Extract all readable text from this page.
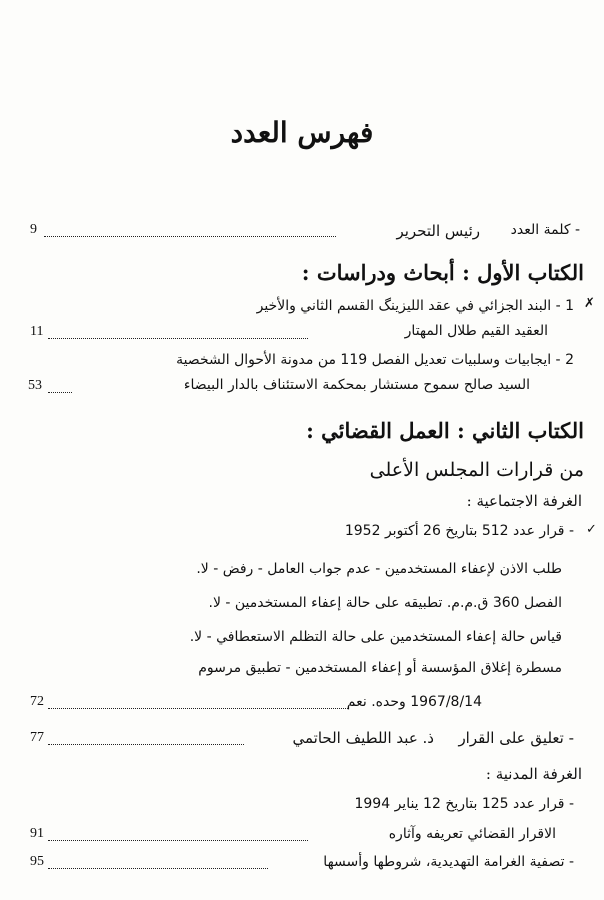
فهرس العدد
- كلمة العدد
رئيس التحرير
9
الكتاب الأول : أبحاث ودراسات :
✗
1 - البند الجزائي في عقد الليزينگ القسم الثاني والأخير
العقيد القيم طلال المهتار
11
2 - ايجابيات وسلبيات تعديل الفصل 119 من مدونة الأحوال الشخصية
السيد صالح سموح مستشار بمحكمة الاستئناف بالدار البيضاء
53
الكتاب الثاني : العمل القضائي :
من قرارات المجلس الأعلى
الغرفة الاجتماعية :
✓
- قرار عدد 512 بتاريخ 26 أكتوبر 1952
طلب الاذن لإعفاء المستخدمين - عدم جواب العامل - رفض - لا.
الفصل 360 ق.م.م. تطبيقه على حالة إعفاء المستخدمين - لا.
قياس حالة إعفاء المستخدمين على حالة التظلم الاستعطافي - لا.
مسطرة إغلاق المؤسسة أو إعفاء المستخدمين - تطبيق مرسوم
1967/8/14 وحده. نعم
72
- تعليق على القرار
ذ. عبد اللطيف الحاتمي
77
الغرفة المدنية :
- قرار عدد 125 بتاريخ 12 يناير 1994
الاقرار القضائي تعريفه وآثاره
91
- تصفية الغرامة التهديدية، شروطها وأسسها
95
